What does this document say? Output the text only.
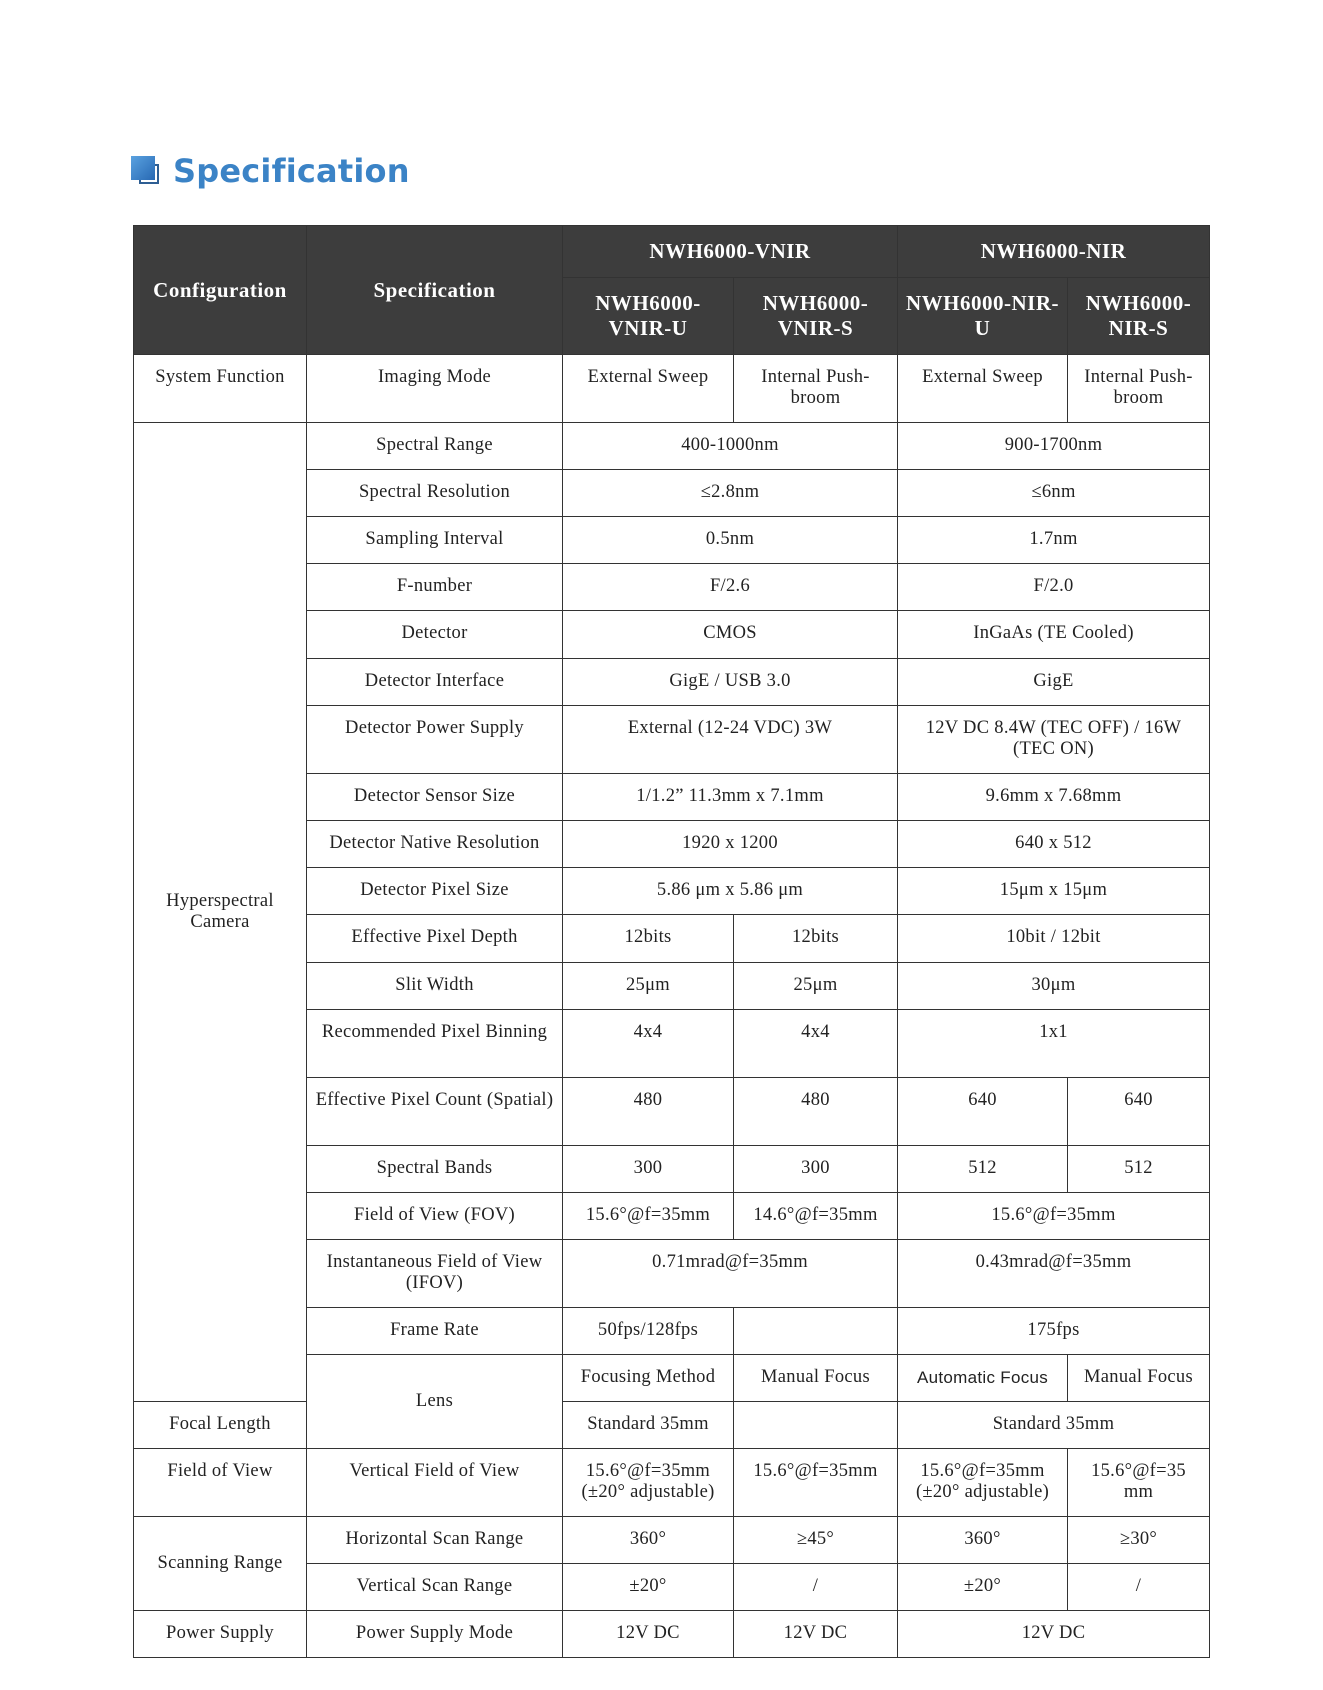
Specification
Configuration	Specification	NWH6000-VNIR		NWH6000-NIR	
		NWH6000-VNIR-U	NWH6000-VNIR-S	NWH6000-NIR-U	NWH6000-NIR-S
System Function	Imaging Mode	External Sweep	Internal Push-broom	External Sweep	Internal Push-broom
Hyperspectral Camera	Spectral Range	400-1000nm		900-1700nm	
	Spectral Resolution	≤2.8nm		≤6nm	
	Sampling Interval	0.5nm		1.7nm	
	F-number	F/2.6		F/2.0	
	Detector	CMOS		InGaAs (TE Cooled)	
	Detector Interface	GigE / USB 3.0		GigE	
	Detector Power Supply	External (12-24 VDC) 3W		12V DC 8.4W (TEC OFF) / 16W (TEC ON)	
	Detector Sensor Size	1/1.2” 11.3mm x 7.1mm		9.6mm x 7.68mm	
	Detector Native Resolution	1920 x 1200		640 x 512	
	Detector Pixel Size	5.86 μm x 5.86 μm		15μm x 15μm	
	Effective Pixel Depth	12bits	12bits	10bit / 12bit	
	Slit Width	25μm	25μm	30μm	
	Recommended Pixel Binning	4x4	4x4	1x1	
	Effective Pixel Count (Spatial)	480	480	640	640
	Spectral Bands	300	300	512	512
	Field of View (FOV)	15.6°@f=35mm	14.6°@f=35mm	15.6°@f=35mm	
	Instantaneous Field of View (IFOV)	0.71mrad@f=35mm		0.43mrad@f=35mm	
	Frame Rate	50fps/128fps		175fps	
	Lens	Focusing Method	Manual Focus	Automatic Focus	Manual Focus
Focal Length		Standard 35mm		Standard 35mm	
Field of View	Vertical Field of View	15.6°@f=35mm (±20° adjustable)	15.6°@f=35mm	15.6°@f=35mm (±20° adjustable)	15.6°@f=35 mm
Scanning Range	Horizontal Scan Range	360°	≥45°	360°	≥30°
	Vertical Scan Range	±20°	/	±20°	/
Power Supply	Power Supply Mode	12V DC	12V DC	12V DC	
